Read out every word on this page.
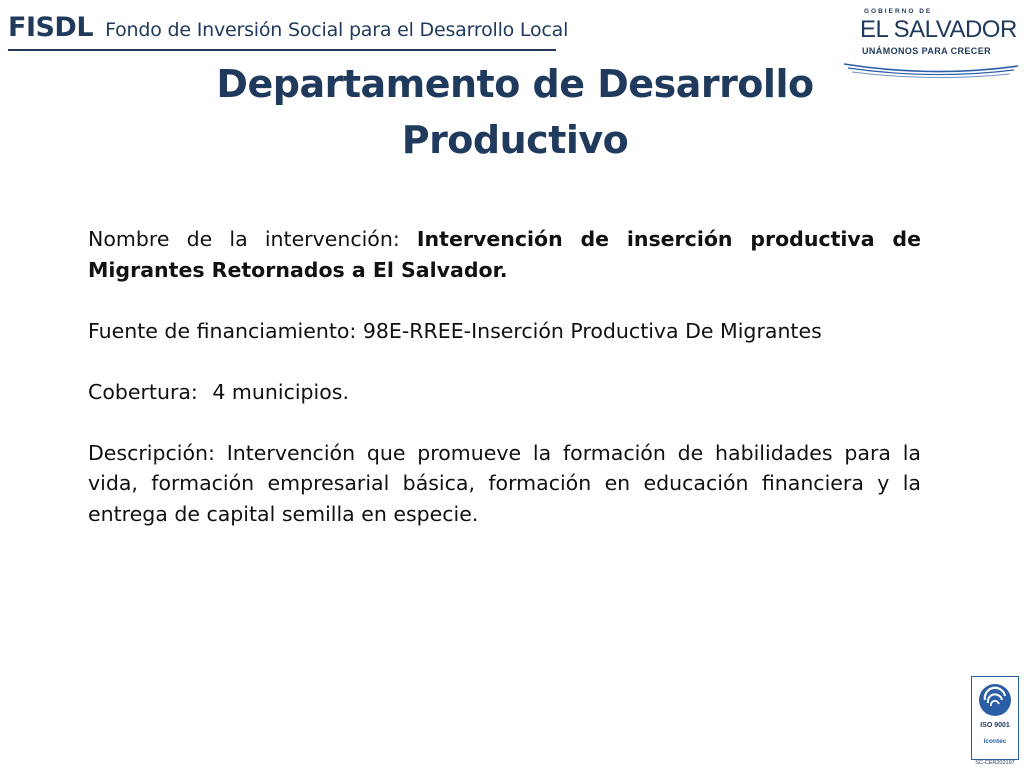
FISDL Fondo de Inversión Social para el Desarrollo Local
GOBIERNO DE
EL SALVADOR
UNÁMONOS PARA CRECER
Departamento de Desarrollo
Productivo

Nombre de la intervención: Intervención de inserción productiva de Migrantes Retornados a El Salvador.

Fuente de financiamiento: 98E-RREE-Inserción Productiva De Migrantes

Cobertura: 4 municipios.

Descripción: Intervención que promueve la formación de habilidades para la vida, formación empresarial básica, formación en educación financiera y la entrega de capital semilla en especie.

ISO 9001
icontec
SC-CER202197
